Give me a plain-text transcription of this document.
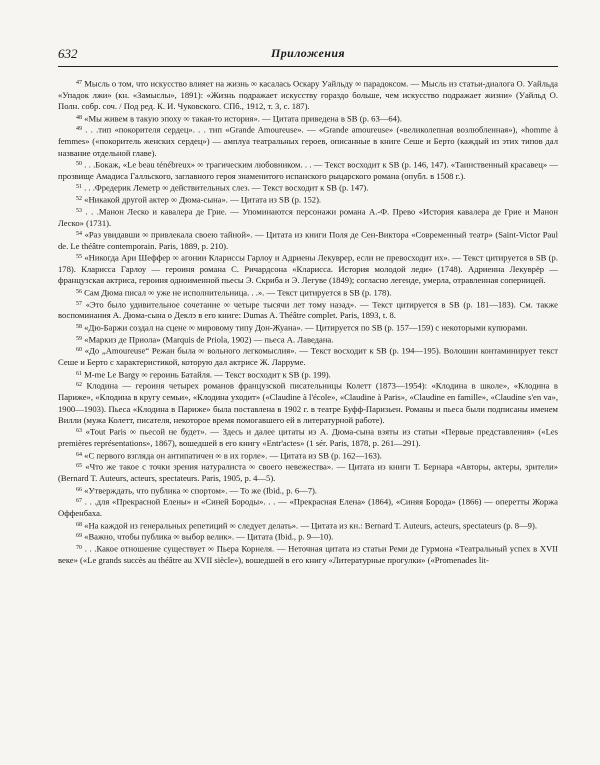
632	Приложения

$^{47}$ Мысль о том, что искусство влияет на жизнь ∞ касалась Оскару Уайльду ∞ парадоксом. — Мысль из статьи-диалога О. Уайльда «Упадок лжи» (кн. «Замыслы», 1891): «Жизнь подражает искусству гораздо больше, чем искусство подражает жизни» (Уайльд О. Полн. собр. соч. / Под ред. К. И. Чуковского. СПб., 1912, т. 3, с. 187).

$^{48}$ «Мы живем в такую эпоху ∞ такая-то история». — Цитата приведена в SB (р. 63—64).

$^{49}$ . . .тип «покорителя сердец». . . тип «Grande Amoureuse». — «Grande amoureuse» («великолепная возлюбленная»), «homme à femmes» («покоритель женских сердец») — амплуа театральных героев, описанные в книге Сеше и Берто (каждый из этих типов дал название отдельной главе).

$^{50}$ . . .Бокаж, «Le beau ténébreux» ∞ трагическим любовником. . . — Текст восходит к SB (р. 146, 147). «Таинственный красавец» — прозвище Амадиса Галльского, заглавного героя знаменитого испанского рыцарского романа (опубл. в 1508 г.).

$^{51}$ . . .Фредерик Леметр ∞ действительных слез. — Текст восходит к SB (р. 147).

$^{52}$ «Никакой другой актер ∞ Дюма-сына». — Цитата из SB (р. 152).

$^{53}$ . . .Манон Леско и кавалера де Грие. — Упоминаются персонажи романа А.-Ф. Прево «История кавалера де Грие и Манон Леско» (1731).

$^{54}$ «Раз увидавши ∞ привлекала своею тайной». — Цитата из книги Поля де Сен-Виктора «Современный театр» (Saint-Victor Paul de. Le théâtre contemporain. Paris, 1889, р. 210).

$^{55}$ «Никогда Ари Шеффер ∞ агонии Клариссы Гарлоу и Адриены Лекуврер, если не превосходит их». — Текст цитируется в SB (р. 178). Кларисса Гарлоу — героиня романа С. Ричардсона «Кларисса. История молодой леди» (1748). Адриенна Лекуврёр — французская актриса, героиня одноименной пьесы Э. Скриба и Э. Легуве (1849); согласно легенде, умерла, отравленная соперницей.

$^{56}$ Сам Дюма писал ∞ уже не исполнительница. . .». — Текст цитируется в SB (р. 178).

$^{57}$ «Это было удивительное сочетание ∞ четыре тысячи лет тому назад». — Текст цитируется в SB (р. 181—183). См. также воспоминания А. Дюма-сына о Деклэ в его книге: Dumas A. Théâtre complet. Paris, 1893, t. 8.

$^{58}$ «Дю-Баржи создал на сцене ∞ мировому типу Дон-Жуана». — Цитируется по SB (р. 157—159) с некоторыми купюрами.

$^{59}$ «Маркиз де Приола» (Marquis de Priola, 1902) — пьеса А. Лаведана.

$^{60}$ «До „Amoureuse“ Режан была ∞ вольного легкомыслия». — Текст восходит к SB (р. 194—195). Волошин контаминирует текст Сеше и Берто с характеристикой, которую дал актрисе Ж. Ларруме.

$^{61}$ M-me Le Bargy ∞ героинь Батайля. — Текст восходит к SB (р. 199).

$^{62}$ Клодина — героиня четырех романов французской писательницы Колетт (1873—1954): «Клодина в школе», «Клодина в Париже», «Клодина в кругу семьи», «Клодина уходит» («Claudine à l'école», «Claudine à Paris», «Claudine en famille», «Claudine s'en va», 1900—1903). Пьеса «Клодина в Париже» была поставлена в 1902 г. в театре Буфф-Паризьен. Романы и пьеса были подписаны именем Вилли (мужа Колетт, писателя, некоторое время помогавшего ей в литературной работе).

$^{63}$ «Tout Paris ∞ пьесой не будет». — Здесь и далее цитаты из А. Дюма-сына взяты из статьи «Первые представления» («Les premières représentations», 1867), вошедшей в его книгу «Entr'actes» (1 sér. Paris, 1878, р. 261—291).

$^{64}$ «С первого взгляда он антипатичен ∞ в их горле». — Цитата из SB (р. 162—163).

$^{65}$ «Что же такое с точки зрения натуралиста ∞ своего невежества». — Цитата из книги Т. Бернара «Авторы, актеры, зрители» (Bernard T. Auteurs, acteurs, spectateurs. Paris, 1905, р. 4—5).

$^{66}$ «Утверждать, что публика ∞ спортом». — То же (Ibid., р. 6—7).

$^{67}$ . . .для «Прекрасной Елены» и «Синей Бороды». . . — «Прекрасная Елена» (1864), «Синяя Борода» (1866) — оперетты Жоржа Оффенбаха.

$^{68}$ «На каждой из генеральных репетиций ∞ следует делать». — Цитата из кн.: Bernard T. Auteurs, acteurs, spectateurs (р. 8—9).

$^{69}$ «Важно, чтобы публика ∞ выбор велик». — Цитата (Ibid., р. 9—10).

$^{70}$ . . .Какое отношение существует ∞ Пьера Корнеля. — Неточная цитата из статьи Реми де Гурмона «Театральный успех в XVII веке» («Le grands succès au théâtre au XVII siècle»), вошедшей в его книгу «Литературные прогулки» («Promenades lit-
